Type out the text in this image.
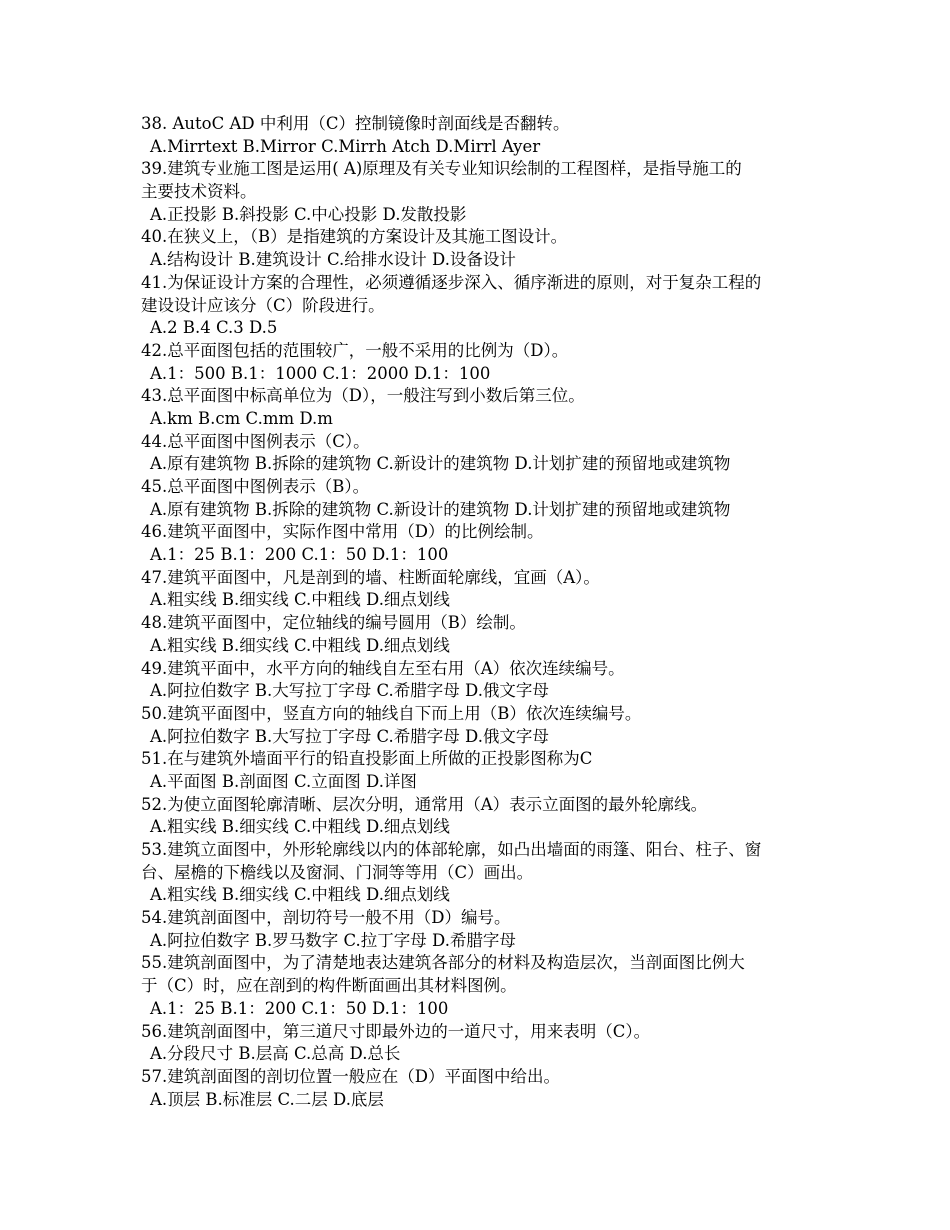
38. AutoC AD 中利用（C）控制镜像时剖面线是否翻转。
A.Mirrtext B.Mirror C.Mirrh Atch D.Mirrl Ayer
39.建筑专业施工图是运用( A)原理及有关专业知识绘制的工程图样，是指导施工的
主要技术资料。
A.正投影 B.斜投影 C.中心投影 D.发散投影
40.在狭义上，（B）是指建筑的方案设计及其施工图设计。
A.结构设计 B.建筑设计 C.给排水设计 D.设备设计
41.为保证设计方案的合理性，必须遵循逐步深入、循序渐进的原则，对于复杂工程的
建设设计应该分（C）阶段进行。
A.2 B.4 C.3 D.5
42.总平面图包括的范围较广，一般不采用的比例为（D）。
A.1：500 B.1：1000 C.1：2000 D.1：100
43.总平面图中标高单位为（D），一般注写到小数后第三位。
A.km B.cm C.mm D.m
44.总平面图中图例表示（C）。
A.原有建筑物 B.拆除的建筑物 C.新设计的建筑物 D.计划扩建的预留地或建筑物
45.总平面图中图例表示（B）。
A.原有建筑物 B.拆除的建筑物 C.新设计的建筑物 D.计划扩建的预留地或建筑物
46.建筑平面图中，实际作图中常用（D）的比例绘制。
A.1：25 B.1：200 C.1：50 D.1：100
47.建筑平面图中，凡是剖到的墙、柱断面轮廓线，宜画（A）。
A.粗实线 B.细实线 C.中粗线 D.细点划线
48.建筑平面图中，定位轴线的编号圆用（B）绘制。
A.粗实线 B.细实线 C.中粗线 D.细点划线
49.建筑平面中，水平方向的轴线自左至右用（A）依次连续编号。
A.阿拉伯数字 B.大写拉丁字母 C.希腊字母 D.俄文字母
50.建筑平面图中，竖直方向的轴线自下而上用（B）依次连续编号。
A.阿拉伯数字 B.大写拉丁字母 C.希腊字母 D.俄文字母
51.在与建筑外墙面平行的铅直投影面上所做的正投影图称为C
A.平面图 B.剖面图 C.立面图 D.详图
52.为使立面图轮廓清晰、层次分明，通常用（A）表示立面图的最外轮廓线。
A.粗实线 B.细实线 C.中粗线 D.细点划线
53.建筑立面图中，外形轮廓线以内的体部轮廓，如凸出墙面的雨篷、阳台、柱子、窗
台、屋檐的下檐线以及窗洞、门洞等等用（C）画出。
A.粗实线 B.细实线 C.中粗线 D.细点划线
54.建筑剖面图中，剖切符号一般不用（D）编号。
A.阿拉伯数字 B.罗马数字 C.拉丁字母 D.希腊字母
55.建筑剖面图中，为了清楚地表达建筑各部分的材料及构造层次，当剖面图比例大
于（C）时，应在剖到的构件断面画出其材料图例。
A.1：25 B.1：200 C.1：50 D.1：100
56.建筑剖面图中，第三道尺寸即最外边的一道尺寸，用来表明（C）。
A.分段尺寸 B.层高 C.总高 D.总长
57.建筑剖面图的剖切位置一般应在（D）平面图中给出。
A.顶层 B.标准层 C.二层 D.底层
